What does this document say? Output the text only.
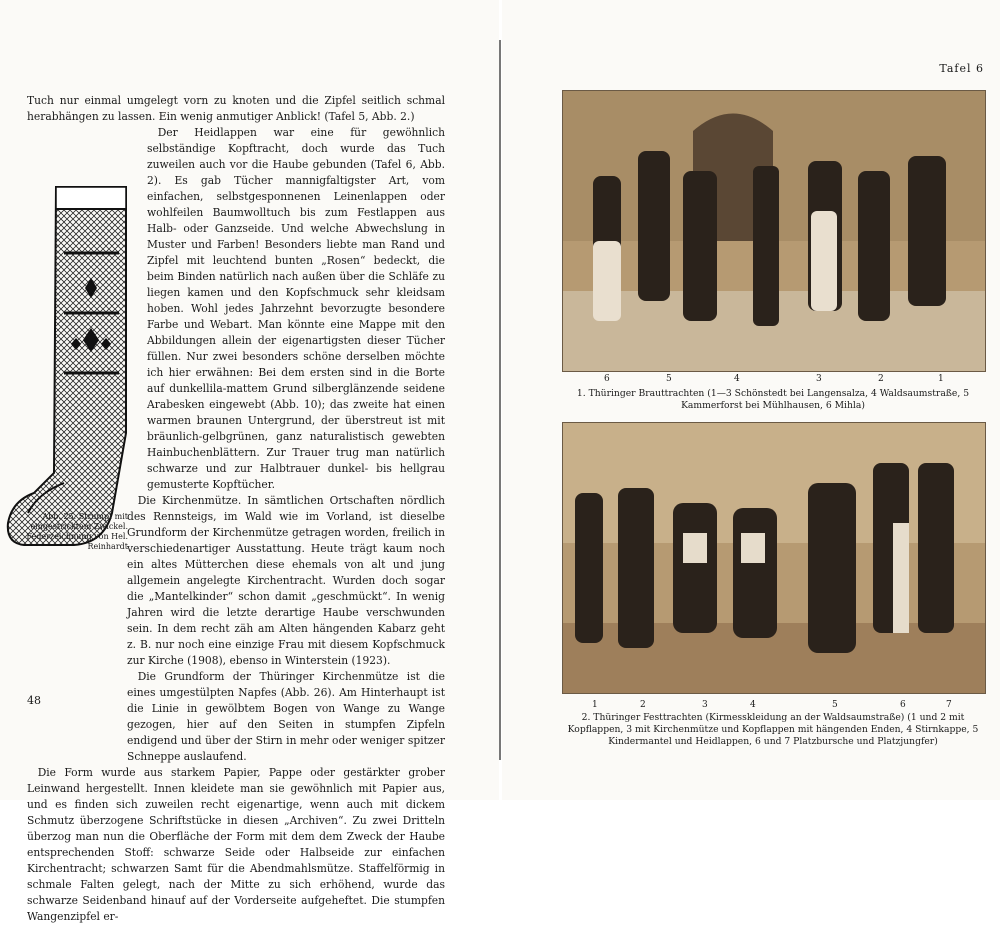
Tuch nur einmal umgelegt vorn zu knoten und die Zipfel seitlich schmal herabhängen zu lassen. Ein wenig anmutiger Anblick! (Tafel 5, Abb. 2.)

Der Heidlappen war eine für gewöhnlich selbständige Kopftracht, doch wurde das Tuch zuweilen auch vor die Haube gebunden (Tafel 6, Abb. 2). Es gab Tücher mannigfaltigster Art, vom einfachen, selbstgesponnenen Leinenlappen oder wohlfeilen Baumwolltuch bis zum Festlappen aus Halb- oder Ganzseide. Und welche Abwechslung in Muster und Farben! Besonders liebte man Rand und Zipfel mit leuchtend bunten „Rosen“ bedeckt, die beim Binden natürlich nach außen über die Schläfe zu liegen kamen und den Kopfschmuck sehr kleidsam hoben. Wohl jedes Jahrzehnt bevorzugte besondere Farbe und Webart. Man könnte eine Mappe mit den Abbildungen allein der eigenartigsten dieser Tücher füllen. Nur zwei besonders schöne derselben möchte ich hier erwähnen: Bei dem ersten sind in die Borte auf dunkellila-mattem Grund silberglänzende seidene Arabesken eingewebt (Abb. 10); das zweite hat einen warmen braunen Untergrund, der überstreut ist mit bräunlich-gelbgrünen, ganz naturalistisch gewebten Hainbuchenblättern. Zur Trauer trug man natürlich schwarze und zur Halbtrauer dunkel- bis hellgrau gemusterte Kopftücher.

Die Kirchenmütze. In sämtlichen Ortschaften nördlich des Rennsteigs, im Wald wie im Vorland, ist dieselbe Grundform der Kirchenmütze getragen worden, freilich in verschiedenartiger Ausstattung. Heute trägt kaum noch ein altes Mütterchen diese ehemals von alt und jung allgemein angelegte Kirchentracht. Wurden doch sogar die „Mantelkinder“ schon damit „geschmückt“. In wenig Jahren wird die letzte derartige Haube verschwunden sein. In dem recht zäh am Alten hängenden Kabarz geht z. B. nur noch eine einzige Frau mit diesem Kopfschmuck zur Kirche (1908), ebenso in Winterstein (1923).

Die Grundform der Thüringer Kirchenmütze ist die eines umgestülpten Napfes (Abb. 26). Am Hinterhaupt ist die Linie in gewölbtem Bogen von Wange zu Wange gezogen, hier auf den Seiten in stumpfen Zipfeln endigend und über der Stirn in mehr oder weniger spitzer Schneppe auslaufend.

Die Form wurde aus starkem Papier, Pappe oder gestärkter grober Leinwand hergestellt. Innen kleidete man sie gewöhnlich mit Papier aus, und es finden sich zuweilen recht eigenartige, wenn auch mit dickem Schmutz überzogene Schriftstücke in diesen „Archiven“. Zu zwei Dritteln überzog man nun die Oberfläche der Form mit dem dem Zweck der Haube entsprechenden Stoff: schwarze Seide oder Halbseide zur einfachen Kirchentracht; schwarzen Samt für die Abendmahlsmütze. Staffelförmig in schmale Falten gelegt, nach der Mitte zu sich erhöhend, wurde das schwarze Seidenband hinauf auf der Vorderseite aufgeheftet. Die stumpfen Wangenzipfel er-

Abb. 25. Strumpf mit eingestricktem Zwickel. Federzeichnung von Hel. Reinhardt
48
Tafel 6
6	5	4	3	2	1
1. Thüringer Brauttrachten (1—3 Schönstedt bei Langensalza, 4 Waldsaumstraße, 5 Kammerforst bei Mühlhausen, 6 Mihla)
1	2	3	4	5	6	7
2. Thüringer Festtrachten (Kirmesskleidung an der Waldsaumstraße) (1 und 2 mit Kopflappen, 3 mit Kirchenmütze und Kopflappen mit hängenden Enden, 4 Stirnkappe, 5 Kindermantel und Heidlappen, 6 und 7 Platzbursche und Platzjungfer)
